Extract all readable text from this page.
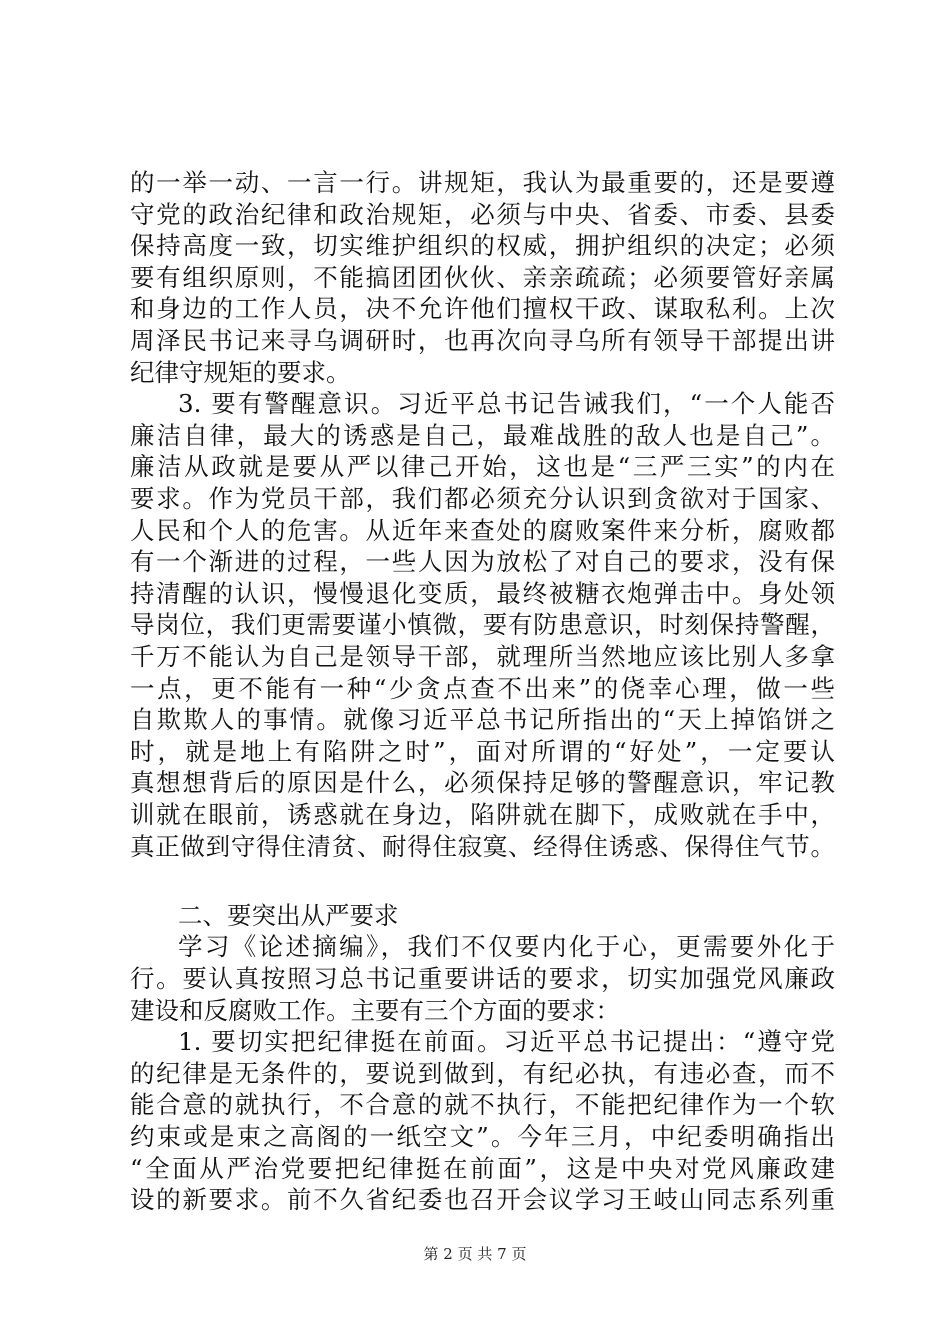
的一举一动、一言一行。讲规矩，我认为最重要的，还是要遵
守党的政治纪律和政治规矩，必须与中央、省委、市委、县委
保持高度一致，切实维护组织的权威，拥护组织的决定；必须
要有组织原则，不能搞团团伙伙、亲亲疏疏；必须要管好亲属
和身边的工作人员，决不允许他们擅权干政、谋取私利。上次
周泽民书记来寻乌调研时，也再次向寻乌所有领导干部提出讲
纪律守规矩的要求。
3. 要有警醒意识。习近平总书记告诫我们，“一个人能否
廉洁自律，最大的诱惑是自己，最难战胜的敌人也是自己”。
廉洁从政就是要从严以律己开始，这也是“三严三实”的内在
要求。作为党员干部，我们都必须充分认识到贪欲对于国家、
人民和个人的危害。从近年来查处的腐败案件来分析，腐败都
有一个渐进的过程，一些人因为放松了对自己的要求，没有保
持清醒的认识，慢慢退化变质，最终被糖衣炮弹击中。身处领
导岗位，我们更需要谨小慎微，要有防患意识，时刻保持警醒，
千万不能认为自己是领导干部，就理所当然地应该比别人多拿
一点，更不能有一种“少贪点查不出来”的侥幸心理，做一些
自欺欺人的事情。就像习近平总书记所指出的“天上掉馅饼之
时，就是地上有陷阱之时”，面对所谓的“好处”，一定要认
真想想背后的原因是什么，必须保持足够的警醒意识，牢记教
训就在眼前，诱惑就在身边，陷阱就在脚下，成败就在手中，
真正做到守得住清贫、耐得住寂寞、经得住诱惑、保得住气节。
二、要突出从严要求
学习《论述摘编》，我们不仅要内化于心，更需要外化于
行。要认真按照习总书记重要讲话的要求，切实加强党风廉政
建设和反腐败工作。主要有三个方面的要求：
1. 要切实把纪律挺在前面。习近平总书记提出：“遵守党
的纪律是无条件的，要说到做到，有纪必执，有违必查，而不
能合意的就执行，不合意的就不执行，不能把纪律作为一个软
约束或是束之高阁的一纸空文”。今年三月，中纪委明确指出
“全面从严治党要把纪律挺在前面”，这是中央对党风廉政建
设的新要求。前不久省纪委也召开会议学习王岐山同志系列重
第 2 页 共 7 页
